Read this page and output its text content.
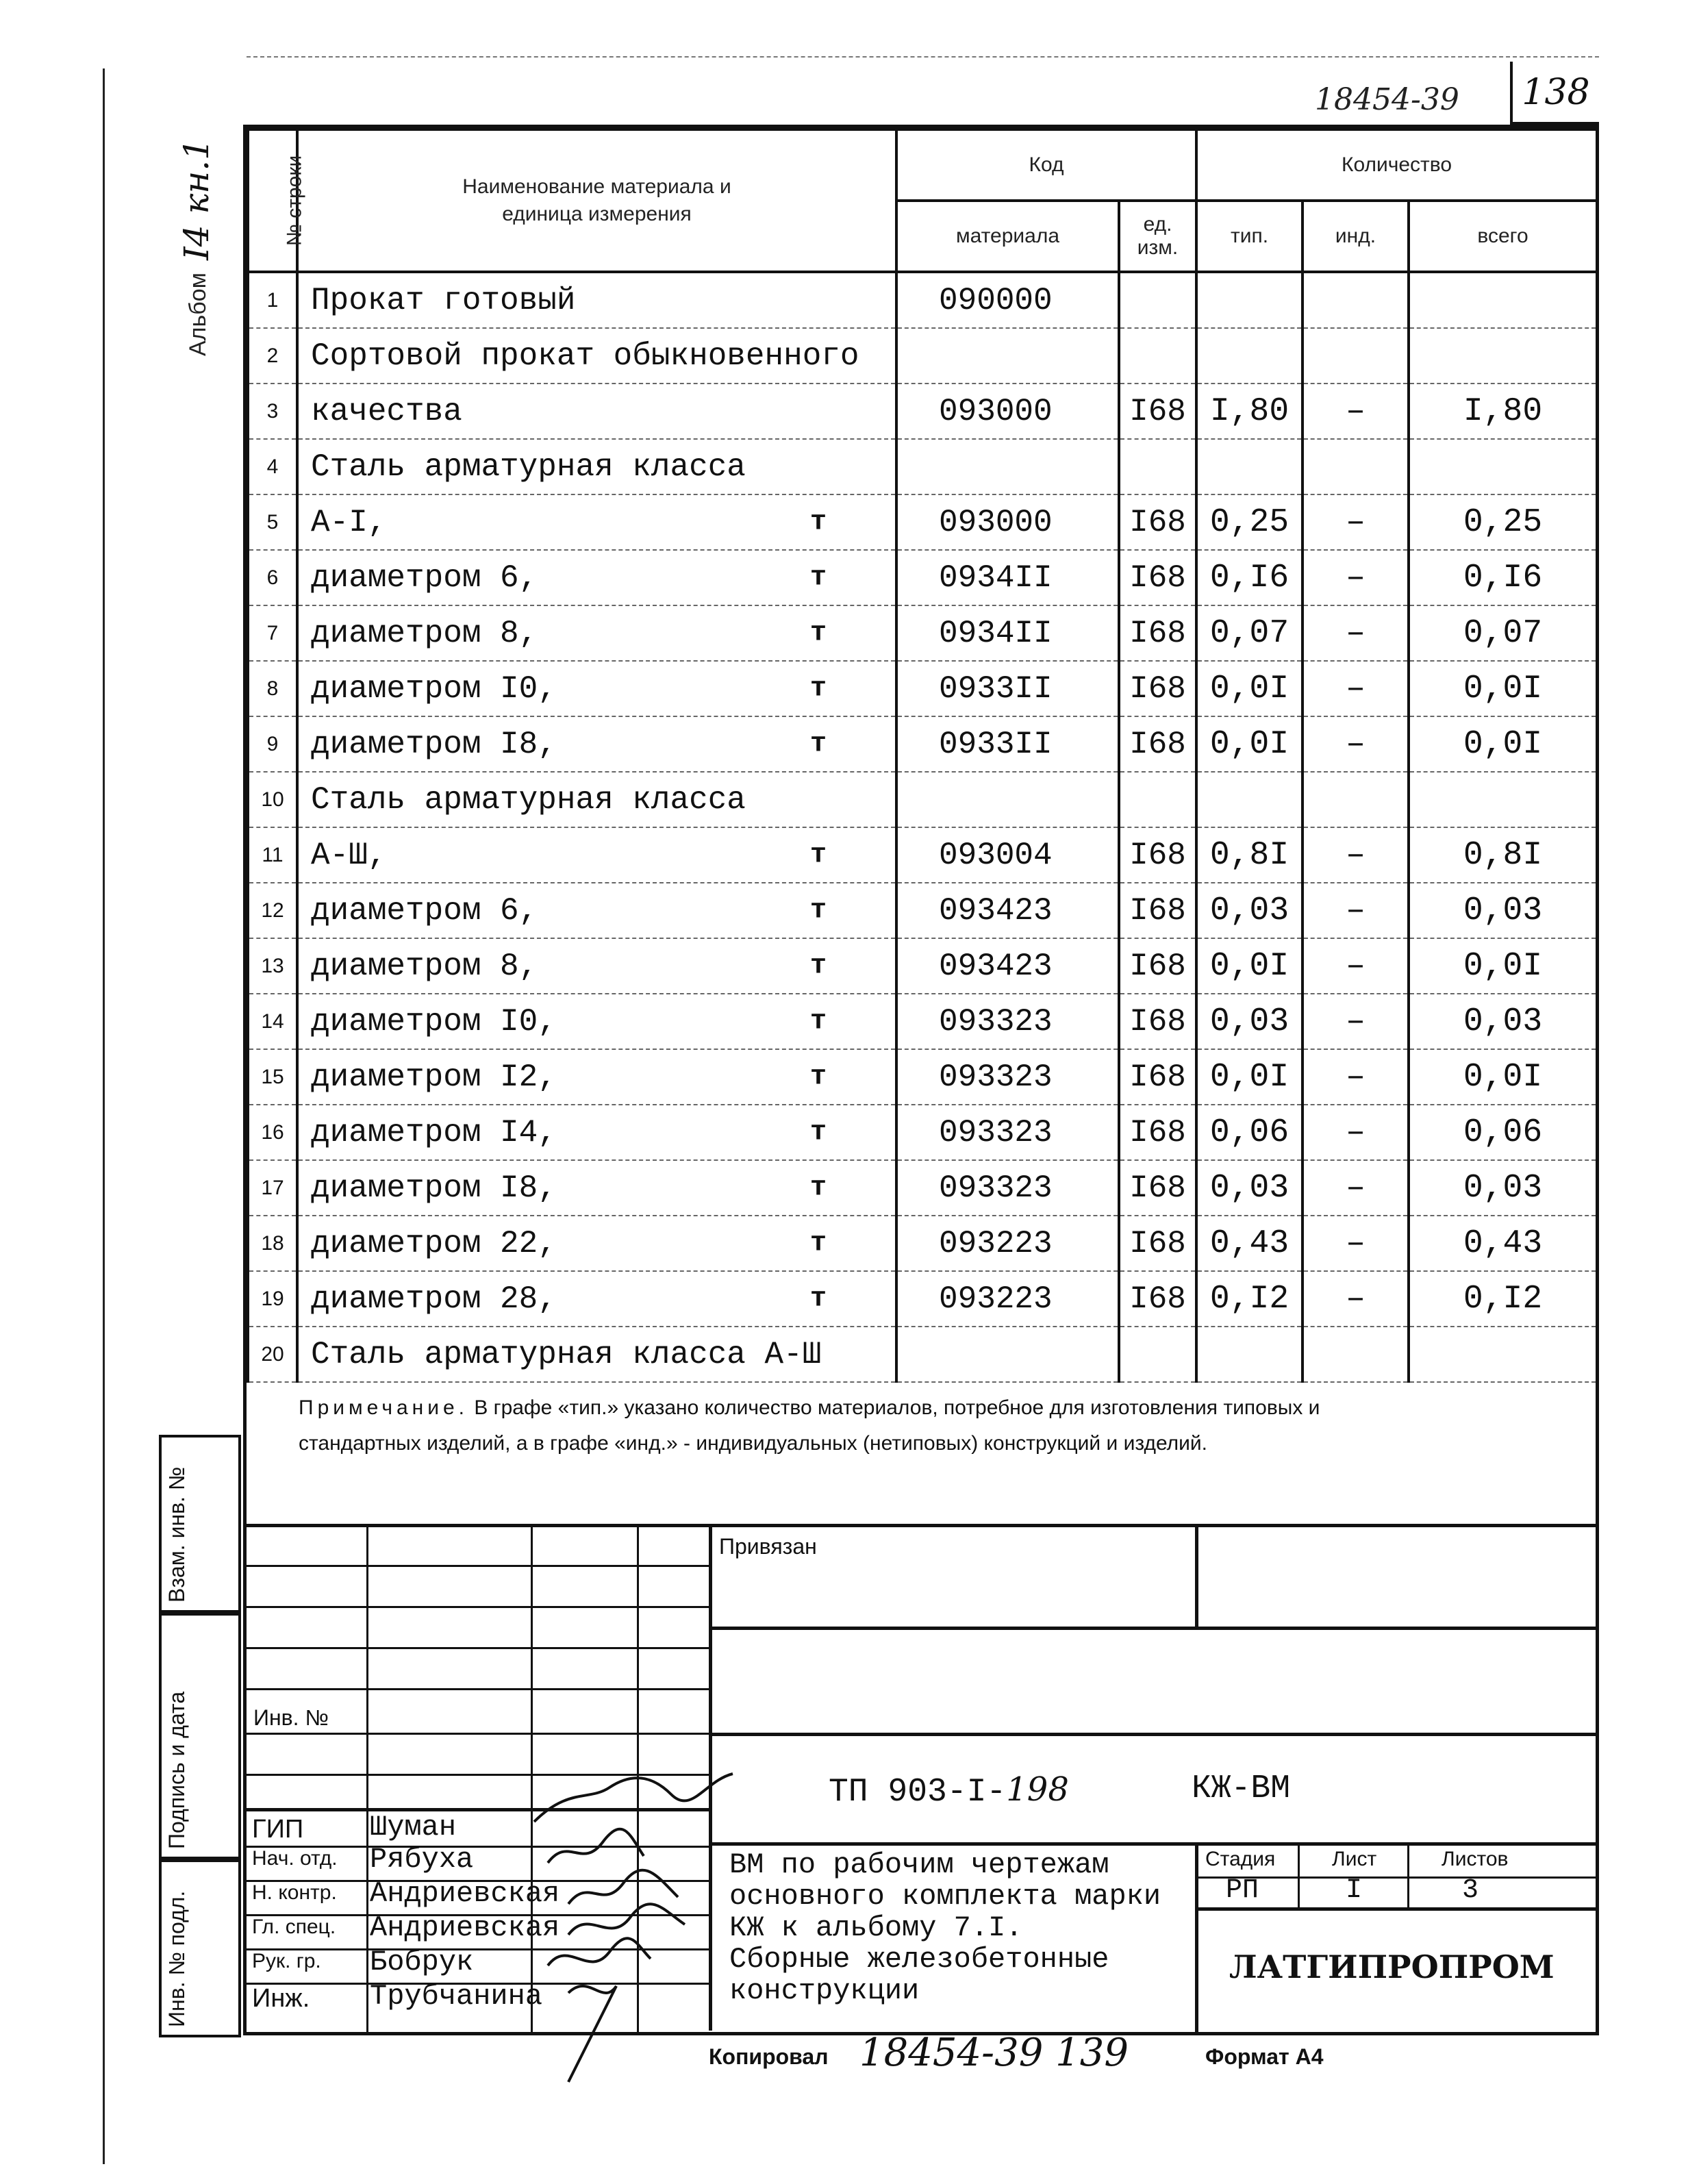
18454-39	138
I4 кн.1
Альбом
№ строки	Наименование материала и единица измерения	Код		Количество		
		материала	ед. изм.	тип.	инд.	всего
1	Прокат готовый	090000				
2	Сортовой прокат обыкновенного

3	качества	093000	I68	I,80	–	I,80
4	Сталь арматурная класса

5	А-I, т	093000	I68	0,25	–	0,25
6	диаметром 6, т	0934II	I68	0,I6	–	0,I6
7	диаметром 8, т	0934II	I68	0,07	–	0,07
8	диаметром I0, т	0933II	I68	0,0I	–	0,0I
9	диаметром I8, т	0933II	I68	0,0I	–	0,0I
10	Сталь арматурная класса

11	А-Ш, т	093004	I68	0,8I	–	0,8I
12	диаметром 6, т	093423	I68	0,03	–	0,03
13	диаметром 8, т	093423	I68	0,0I	–	0,0I
14	диаметром I0, т	093323	I68	0,03	–	0,03
15	диаметром I2, т	093323	I68	0,0I	–	0,0I
16	диаметром I4, т	093323	I68	0,06	–	0,06
17	диаметром I8, т	093323	I68	0,03	–	0,03
18	диаметром 22, т	093223	I68	0,43	–	0,43
19	диаметром 28, т	093223	I68	0,I2	–	0,I2
20	Сталь арматурная класса А-Ш

Примечание. В графе «тип.» указано количество материалов, потребное для изготовления типовых и стандартных изделий, а в графе «инд.» - индивидуальных (нетиповых) конструкций и изделий.
Привязан
Инв. №
ТП 903-I-198	КЖ-ВМ
ВМ по рабочим чертежам
основного комплекта марки
КЖ к альбому 7.I.
Сборные железобетонные
конструкции
Стадия	Лист	Листов
РП	I	3
ЛАТГИПРОПРОМ
ГИП Шуман
Нач. отд. Рябуха
Н. контр. Андриевская
Гл. спец. Андриевская
Рук. гр. Бобрук
Инж. Трубчанина
Взам. инв. №
Подпись и дата
Инв. № подл.
Копировал 18454-39 139	Формат А4
